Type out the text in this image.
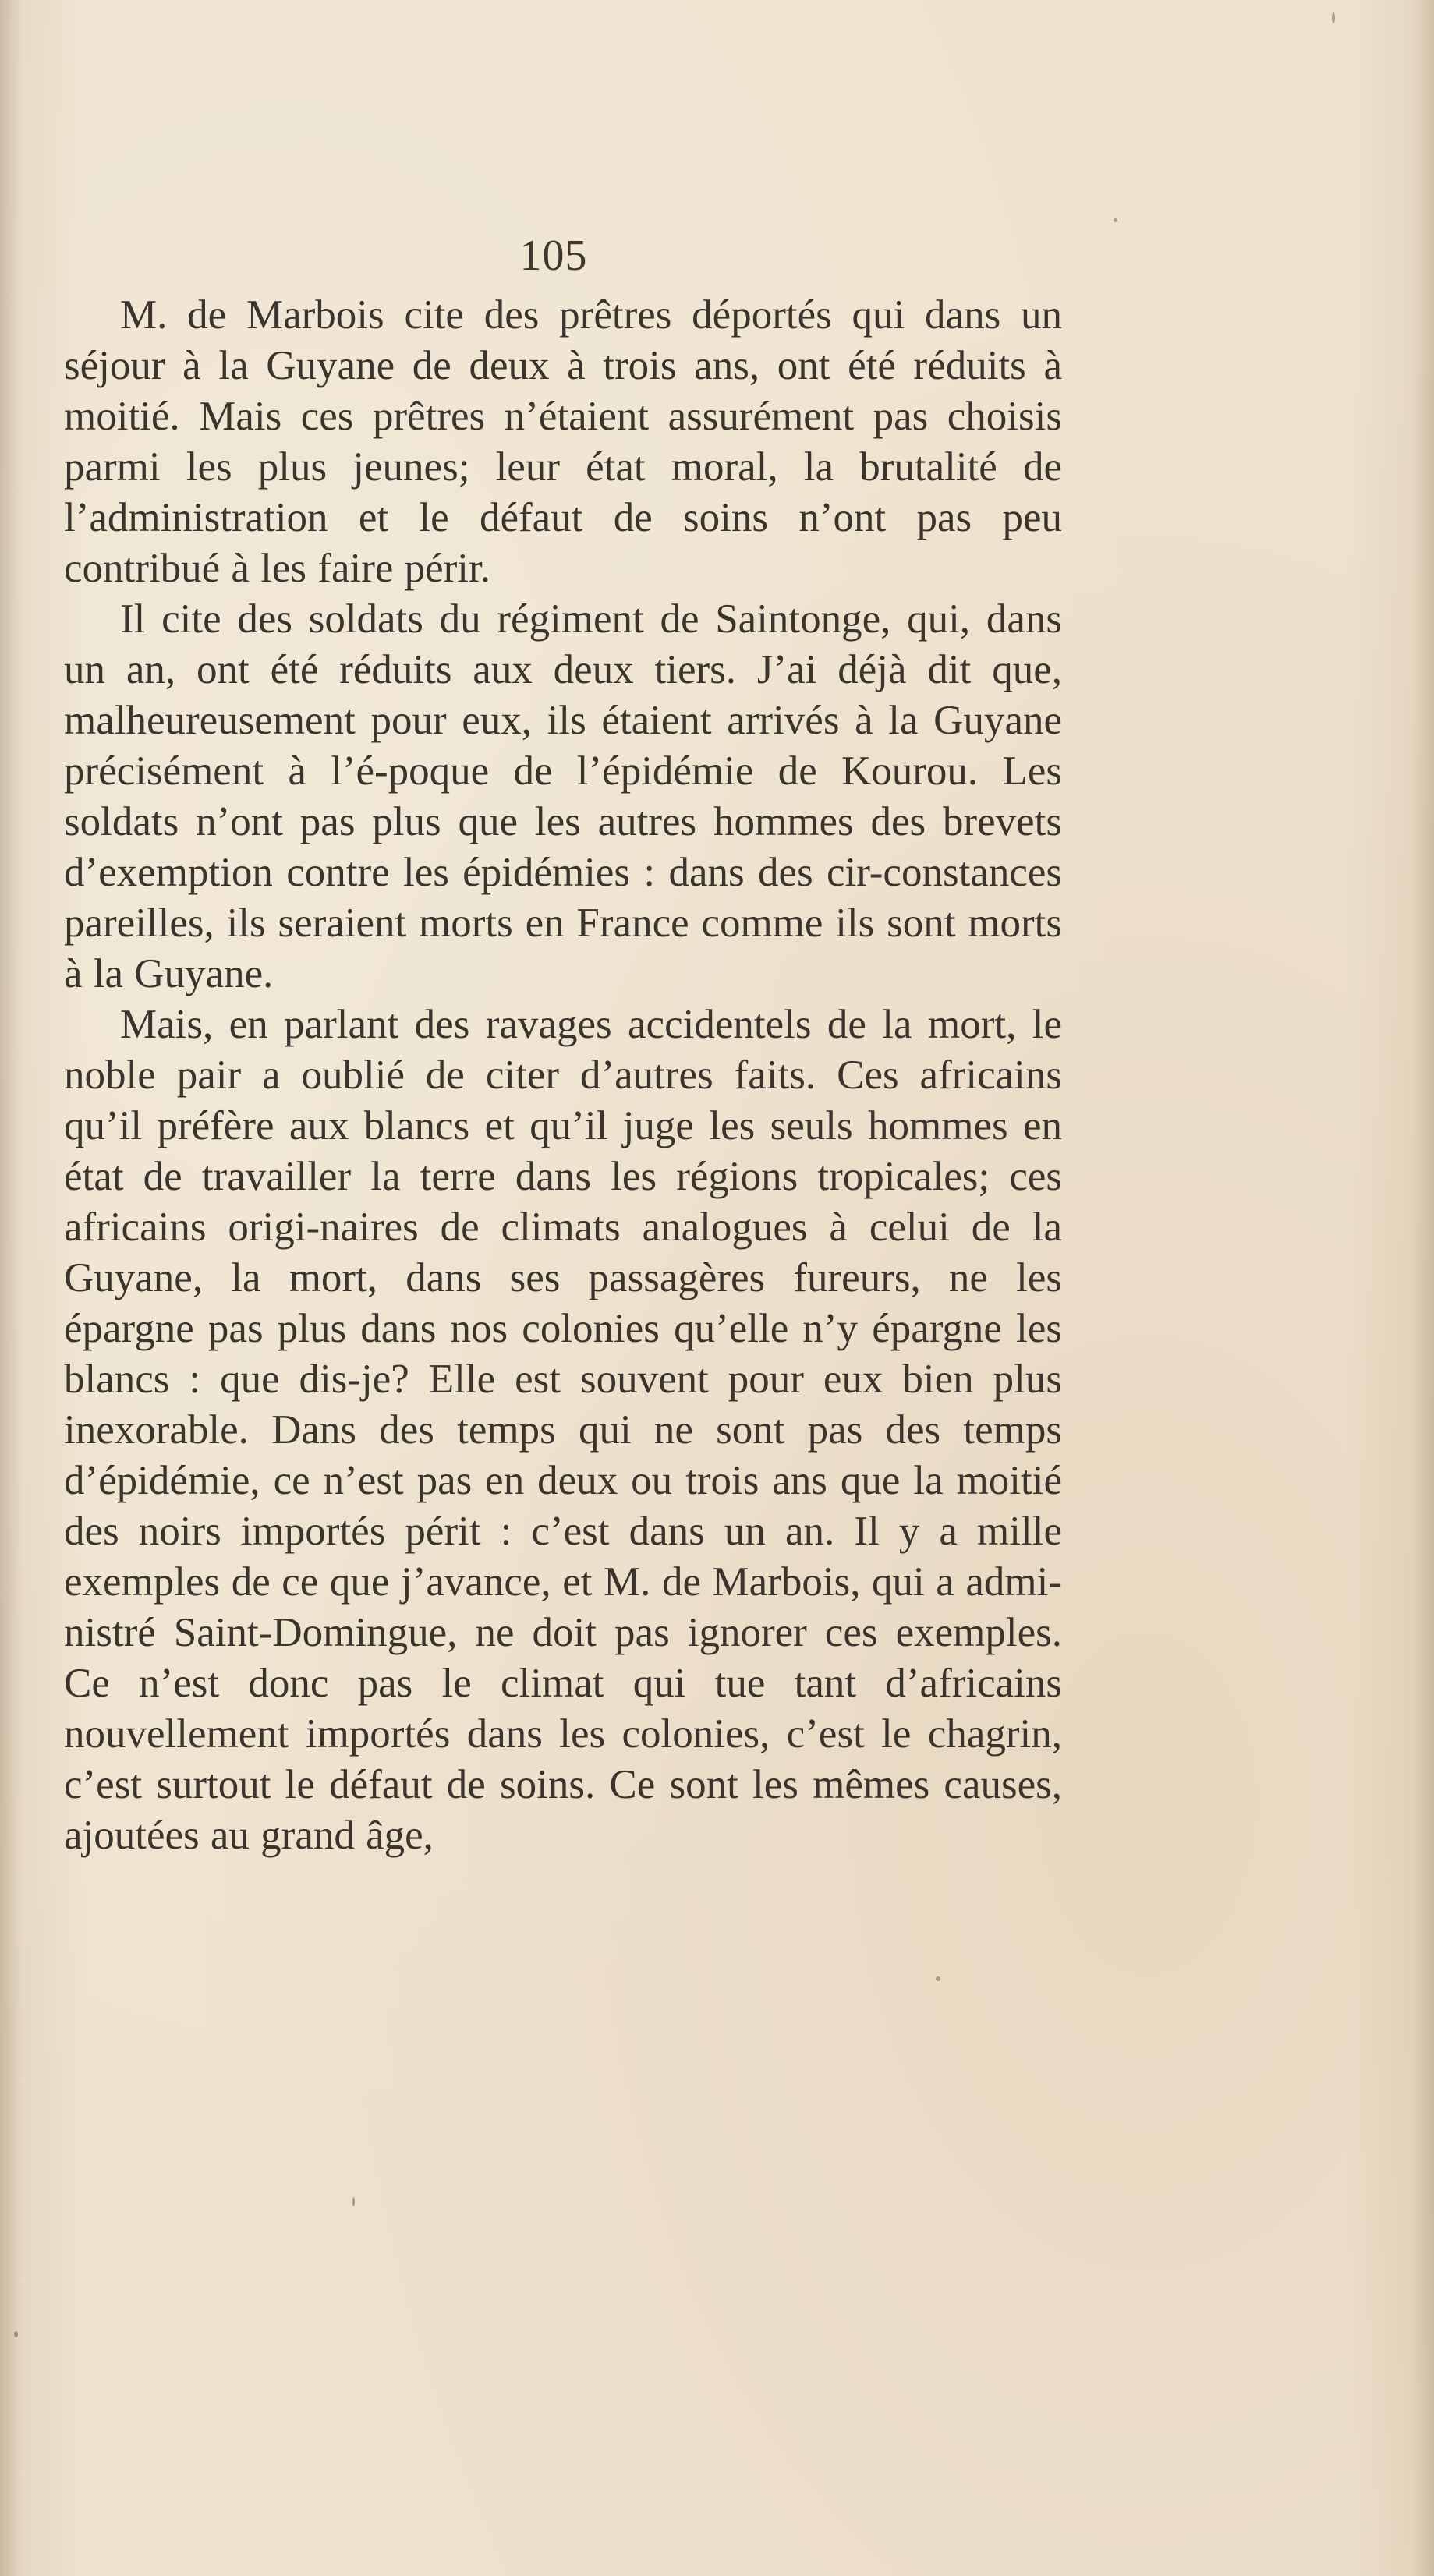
105

M. de Marbois cite des prêtres déportés qui dans un séjour à la Guyane de deux à trois ans, ont été réduits à moitié. Mais ces prêtres n’étaient assurément pas choisis parmi les plus jeunes; leur état moral, la brutalité de l’administration et le défaut de soins n’ont pas peu contribué à les faire périr.

Il cite des soldats du régiment de Saintonge, qui, dans un an, ont été réduits aux deux tiers. J’ai déjà dit que, malheureusement pour eux, ils étaient arrivés à la Guyane précisément à l’é-poque de l’épidémie de Kourou. Les soldats n’ont pas plus que les autres hommes des brevets d’exemption contre les épidémies : dans des cir-constances pareilles, ils seraient morts en France comme ils sont morts à la Guyane.

Mais, en parlant des ravages accidentels de la mort, le noble pair a oublié de citer d’autres faits. Ces africains qu’il préfère aux blancs et qu’il juge les seuls hommes en état de travailler la terre dans les régions tropicales; ces africains origi-naires de climats analogues à celui de la Guyane, la mort, dans ses passagères fureurs, ne les épargne pas plus dans nos colonies qu’elle n’y épargne les blancs : que dis-je? Elle est souvent pour eux bien plus inexorable. Dans des temps qui ne sont pas des temps d’épidémie, ce n’est pas en deux ou trois ans que la moitié des noirs importés périt : c’est dans un an. Il y a mille exemples de ce que j’avance, et M. de Marbois, qui a admi-nistré Saint-Domingue, ne doit pas ignorer ces exemples. Ce n’est donc pas le climat qui tue tant d’africains nouvellement importés dans les colonies, c’est le chagrin, c’est surtout le défaut de soins. Ce sont les mêmes causes, ajoutées au grand âge,
